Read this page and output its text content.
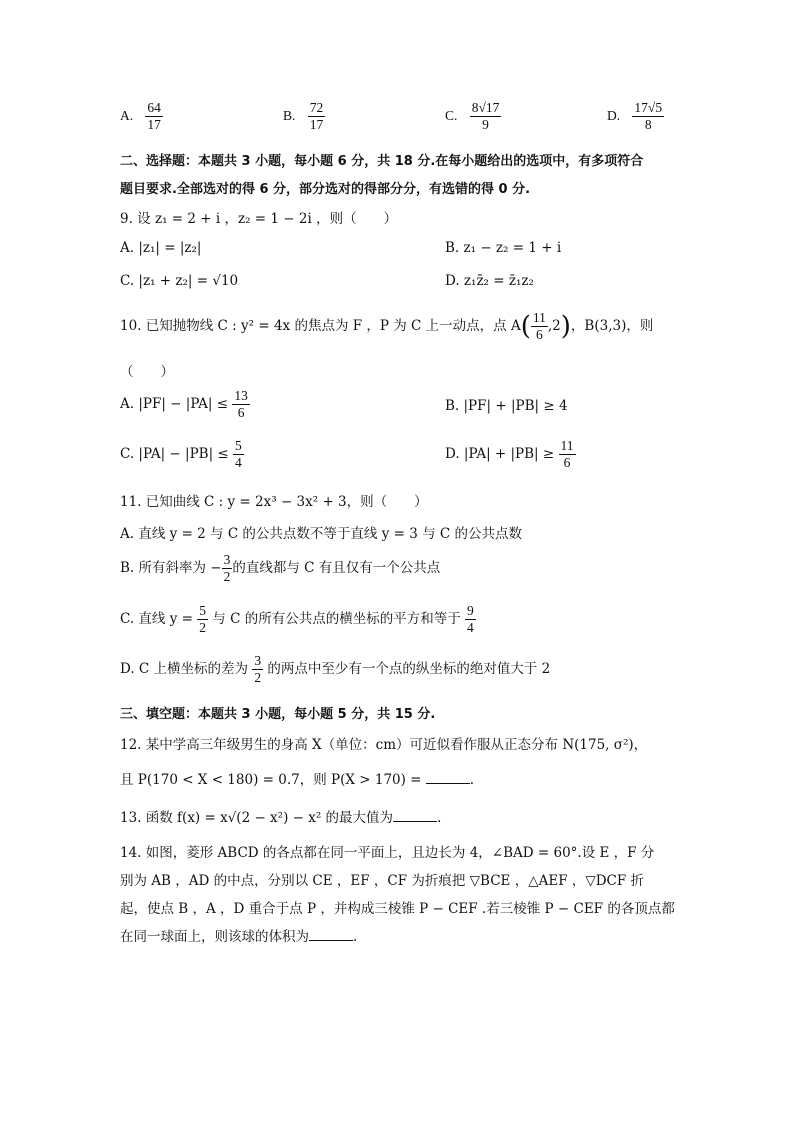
A. $\frac{64}{17}$	B. $\frac{72}{17}$	C. $\frac{8√17}{9}$	D. $\frac{17√5}{8}$
二、选择题：本题共 3 小题，每小题 6 分，共 18 分.在每小题给出的选项中，有多项符合
题目要求.全部选对的得 6 分，部分选对的得部分分，有选错的得 0 分.
9. 设 z₁ = 2 + i ，z₂ = 1 − 2i ，则（　　）
A. |z₁| = |z₂|	B. z₁ − z₂ = 1 + i
C. |z₁ + z₂| = √10	D. z₁z̄₂ = z̄₁z₂
10. 已知抛物线 C : y² = 4x 的焦点为 F ，P 为 C 上一动点，点 $A( \frac{11}{6} ,2)$，B(3,3)，则
（　　）
A. $|PF| - |PA| \le \frac{13}{6}$	B. |PF| + |PB| ≥ 4
C. $|PA| - |PB| \le \frac{5}{4}$	D. $|PA| + |PB| \ge \frac{11}{6}$
11. 已知曲线 C : y = 2x³ − 3x² + 3，则（　　）
A. 直线 y = 2 与 C 的公共点数不等于直线 y = 3 与 C 的公共点数
B. 所有斜率为 − $\frac{3}{2}$ 的直线都与 C 有且仅有一个公共点
C. 直线 $y = \frac{5}{2}$ 与 C 的所有公共点的横坐标的平方和等于 $\frac{9}{4}$
D. C 上横坐标的差为 $\frac{3}{2}$ 的两点中至少有一个点的纵坐标的绝对值大于 2
三、填空题：本题共 3 小题，每小题 5 分，共 15 分.
12. 某中学高三年级男生的身高 X（单位：cm）可近似看作服从正态分布 N(175, σ²)，
且 P(170 < X < 180) = 0.7，则 P(X > 170) =	.
13. 函数 f(x) = x√(2 − x²) − x² 的最大值为	.
14. 如图，菱形 ABCD 的各点都在同一平面上，且边长为 4，∠BAD = 60°.设 E ，F 分
别为 AB ，AD 的中点，分别以 CE ，EF ，CF 为折痕把 ▽BCE ，△AEF ，▽DCF 折
起，使点 B ，A ，D 重合于点 P ，并构成三棱锥 P − CEF .若三棱锥 P − CEF 的各顶点都
在同一球面上，则该球的体积为	.
